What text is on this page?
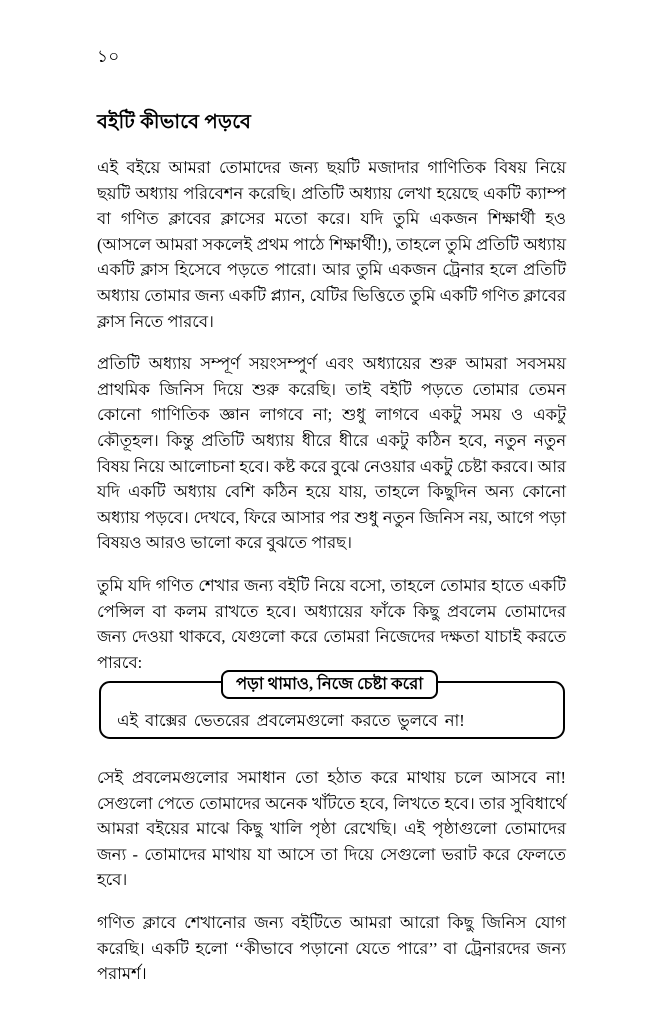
১০
বইটি কীভাবে পড়বে

এই বইয়ে আমরা তোমাদের জন্য ছয়টি মজাদার গাণিতিক বিষয় নিয়ে ছয়টি অধ্যায় পরিবেশন করেছি। প্রতিটি অধ্যায় লেখা হয়েছে একটি ক্যাম্প বা গণিত ক্লাবের ক্লাসের মতো করে। যদি তুমি একজন শিক্ষার্থী হও (আসলে আমরা সকলেই প্রথম পাঠে শিক্ষার্থী!), তাহলে তুমি প্রতিটি অধ্যায় একটি ক্লাস হিসেবে পড়তে পারো। আর তুমি একজন ট্রেনার হলে প্রতিটি অধ্যায় তোমার জন্য একটি প্ল্যান, যেটির ভিত্তিতে তুমি একটি গণিত ক্লাবের ক্লাস নিতে পারবে।

প্রতিটি অধ্যায় সম্পূর্ণ সয়ংসম্পুর্ণ এবং অধ্যায়ের শুরু আমরা সবসময় প্রাথমিক জিনিস দিয়ে শুরু করেছি। তাই বইটি পড়তে তোমার তেমন কোনো গাণিতিক জ্ঞান লাগবে না; শুধু লাগবে একটু সময় ও একটু কৌতূহল। কিন্তু প্রতিটি অধ্যায় ধীরে ধীরে একটু কঠিন হবে, নতুন নতুন বিষয় নিয়ে আলোচনা হবে। কষ্ট করে বুঝে নেওয়ার একটু চেষ্টা করবে। আর যদি একটি অধ্যায় বেশি কঠিন হয়ে যায়, তাহলে কিছুদিন অন্য কোনো অধ্যায় পড়বে। দেখবে, ফিরে আসার পর শুধু নতুন জিনিস নয়, আগে পড়া বিষয়ও আরও ভালো করে বুঝতে পারছ।

তুমি যদি গণিত শেখার জন্য বইটি নিয়ে বসো, তাহলে তোমার হাতে একটি পেন্সিল বা কলম রাখতে হবে। অধ্যায়ের ফাঁকে কিছু প্রবলেম তোমাদের জন্য দেওয়া থাকবে, যেগুলো করে তোমরা নিজেদের দক্ষতা যাচাই করতে পারবে:

পড়া থামাও, নিজে চেষ্টা করো
এই বাক্সের ভেতরের প্রবলেমগুলো করতে ভুলবে না!

সেই প্রবলেমগুলোর সমাধান তো হঠাত করে মাথায় চলে আসবে না! সেগুলো পেতে তোমাদের অনেক খাঁটতে হবে, লিখতে হবে। তার সুবিধার্থে আমরা বইয়ের মাঝে কিছু খালি পৃষ্ঠা রেখেছি। এই পৃষ্ঠাগুলো তোমাদের জন্য - তোমাদের মাথায় যা আসে তা দিয়ে সেগুলো ভরাট করে ফেলতে হবে।

গণিত ক্লাবে শেখানোর জন্য বইটিতে আমরা আরো কিছু জিনিস যোগ করেছি। একটি হলো ‘‘কীভাবে পড়ানো যেতে পারে’’ বা ট্রেনারদের জন্য পরামর্শ।
